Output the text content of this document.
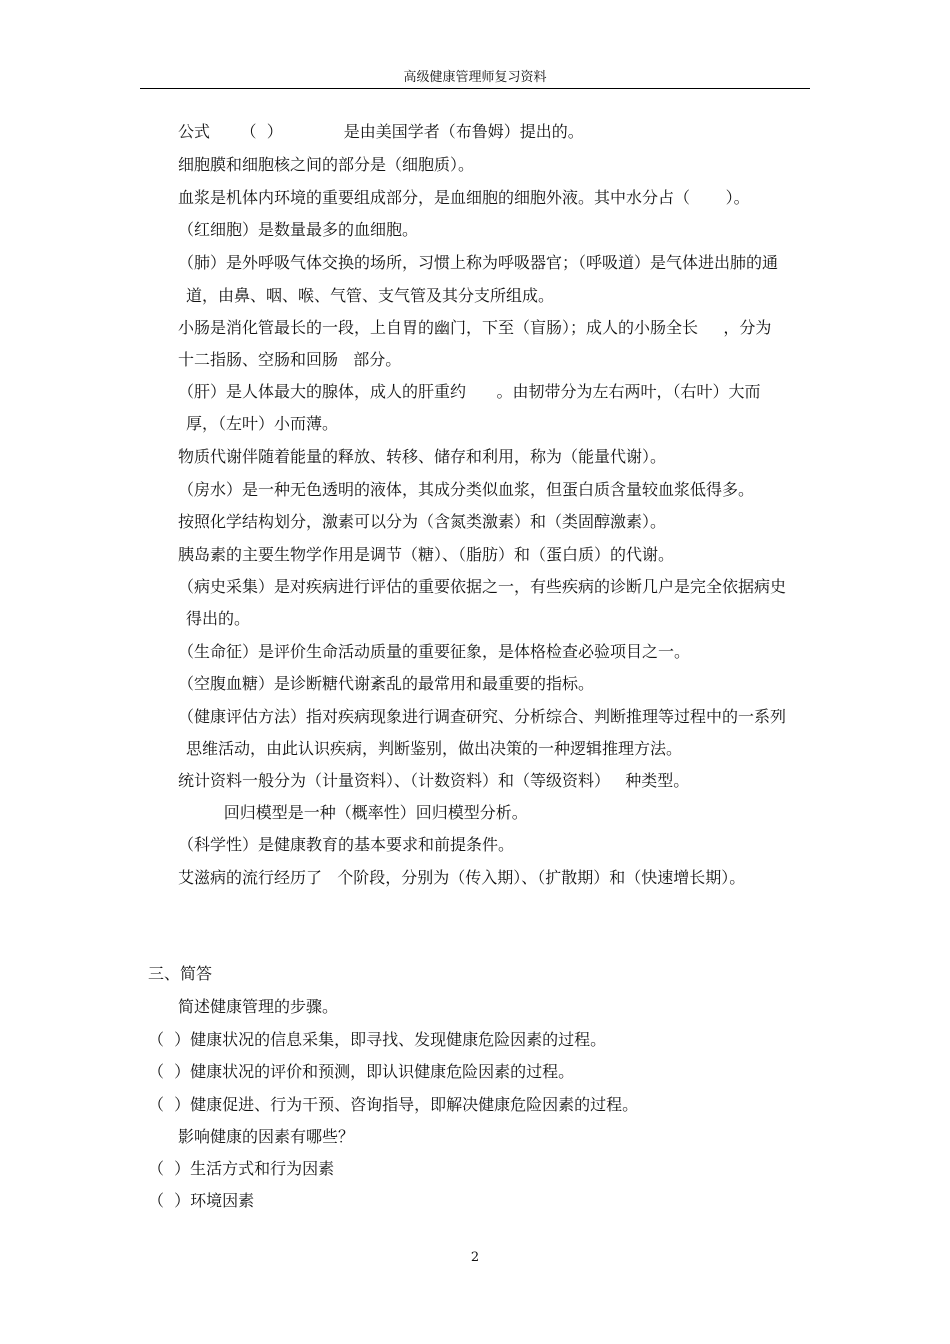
高级健康管理师复习资料
公式      （  ）            是由美国学者（布鲁姆）提出的。
细胞膜和细胞核之间的部分是（细胞质）。
血浆是机体内环境的重要组成部分，是血细胞的细胞外液。其中水分占（       ）。
（红细胞）是数量最多的血细胞。
（肺）是外呼吸气体交换的场所，习惯上称为呼吸器官；（呼吸道）是气体进出肺的通
道，由鼻、咽、喉、气管、支气管及其分支所组成。
小肠是消化管最长的一段，上自胃的幽门，下至（盲肠）；成人的小肠全长     ，分为
十二指肠、空肠和回肠   部分。
（肝）是人体最大的腺体，成人的肝重约      。由韧带分为左右两叶，（右叶）大而
厚，（左叶）小而薄。
物质代谢伴随着能量的释放、转移、储存和利用，称为（能量代谢）。
（房水）是一种无色透明的液体，其成分类似血浆，但蛋白质含量较血浆低得多。
按照化学结构划分，激素可以分为（含氮类激素）和（类固醇激素）。
胰岛素的主要生物学作用是调节（糖）、（脂肪）和（蛋白质）的代谢。
（病史采集）是对疾病进行评估的重要依据之一，有些疾病的诊断几户是完全依据病史
得出的。
（生命征）是评价生命活动质量的重要征象，是体格检查必验项目之一。
（空腹血糖）是诊断糖代谢紊乱的最常用和最重要的指标。
（健康评估方法）指对疾病现象进行调查研究、分析综合、判断推理等过程中的一系列
思维活动，由此认识疾病，判断鉴别，做出决策的一种逻辑推理方法。
统计资料一般分为（计量资料）、（计数资料）和（等级资料）   种类型。
回归模型是一种（概率性）回归模型分析。
（科学性）是健康教育的基本要求和前提条件。
艾滋病的流行经历了   个阶段，分别为（传入期）、（扩散期）和（快速增长期）。
三、简答
简述健康管理的步骤。
（  ）健康状况的信息采集，即寻找、发现健康危险因素的过程。
（  ）健康状况的评价和预测，即认识健康危险因素的过程。
（  ）健康促进、行为干预、咨询指导，即解决健康危险因素的过程。
影响健康的因素有哪些？
（  ）生活方式和行为因素
（  ）环境因素
2
